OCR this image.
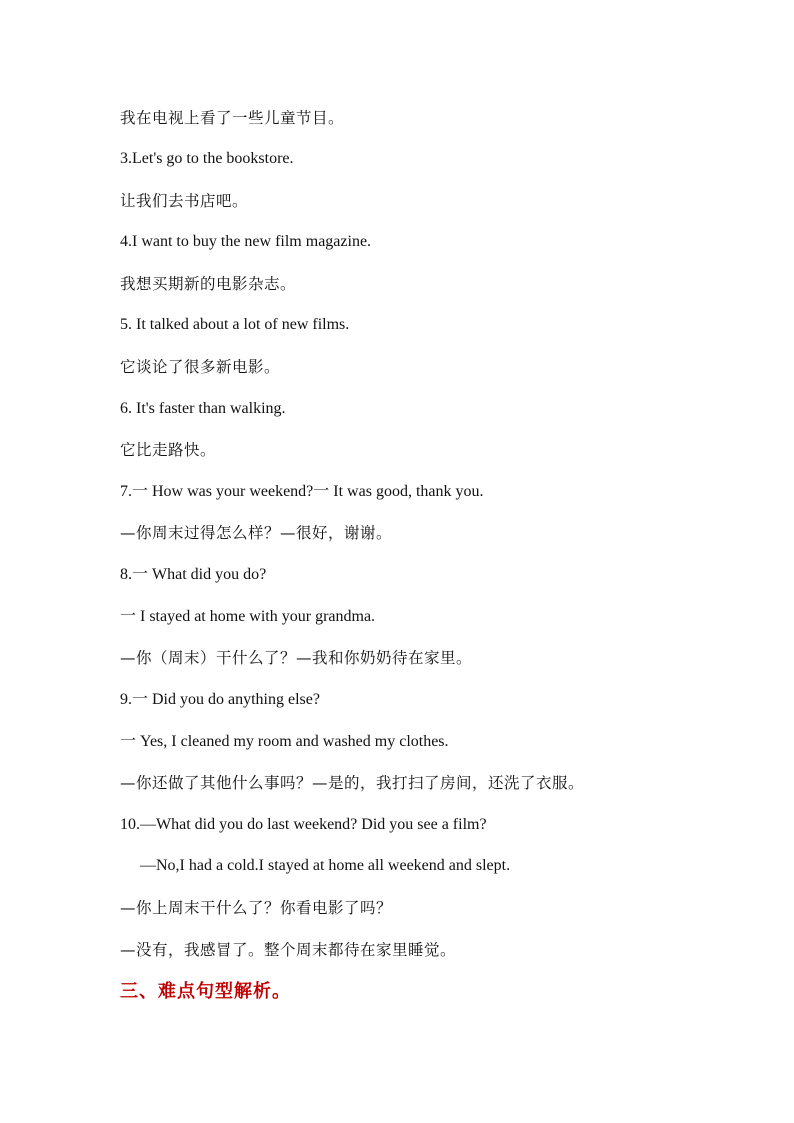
我在电视上看了一些儿童节目。
3.Let's go to the bookstore.
让我们去书店吧。
4.I want to buy the new film magazine.
我想买期新的电影杂志。
5. It talked about a lot of new films.
它谈论了很多新电影。
6. It's faster than walking.
它比走路快。
7.一 How was your weekend?一 It was good, thank you.
—你周末过得怎么样？—很好，谢谢。
8.一 What did you do?
一 I stayed at home with your grandma.
—你（周末）干什么了？—我和你奶奶待在家里。
9.一 Did you do anything else?
一 Yes, I cleaned my room and washed my clothes.
—你还做了其他什么事吗？—是的，我打扫了房间，还洗了衣服。
10.—What did you do last weekend? Did you see a film?
—No,I had a cold.I stayed at home all weekend and slept.
—你上周末干什么了？你看电影了吗？
—没有，我感冒了。整个周末都待在家里睡觉。
三、难点句型解析。
